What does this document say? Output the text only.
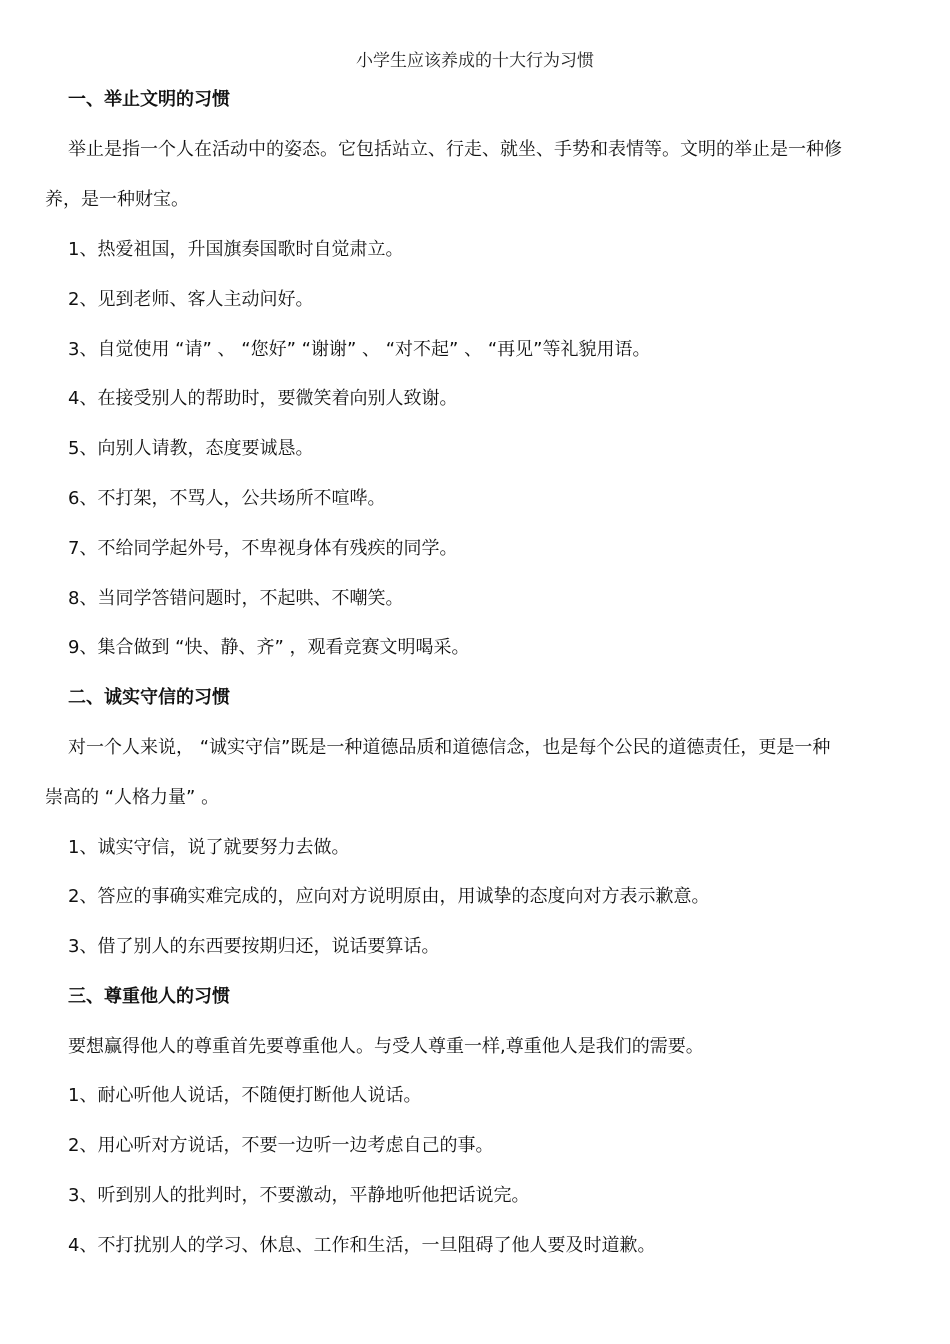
小学生应该养成的十大行为习惯
一、举止文明的习惯
举止是指一个人在活动中的姿态。它包括站立、行走、就坐、手势和表情等。文明的举止是一种修
养，是一种财宝。
1、热爱祖国，升国旗奏国歌时自觉肃立。
2、见到老师、客人主动问好。
3、自觉使用 “请” 、 “您好” “谢谢” 、 “对不起” 、 “再见”等礼貌用语。
4、在接受别人的帮助时，要微笑着向别人致谢。
5、向别人请教，态度要诚恳。
6、不打架，不骂人，公共场所不喧哗。
7、不给同学起外号，不卑视身体有残疾的同学。
8、当同学答错问题时，不起哄、不嘲笑。
9、集合做到 “快、静、齐” ，观看竞赛文明喝采。
二、诚实守信的习惯
对一个人来说， “诚实守信”既是一种道德品质和道德信念，也是每个公民的道德责任，更是一种
崇高的 “人格力量” 。
1、诚实守信，说了就要努力去做。
2、答应的事确实难完成的，应向对方说明原由，用诚挚的态度向对方表示歉意。
3、借了别人的东西要按期归还，说话要算话。
三、尊重他人的习惯
要想赢得他人的尊重首先要尊重他人。与受人尊重一样,尊重他人是我们的需要。
1、耐心听他人说话，不随便打断他人说话。
2、用心听对方说话，不要一边听一边考虑自己的事。
3、听到别人的批判时，不要激动，平静地听他把话说完。
4、不打扰别人的学习、休息、工作和生活，一旦阻碍了他人要及时道歉。
